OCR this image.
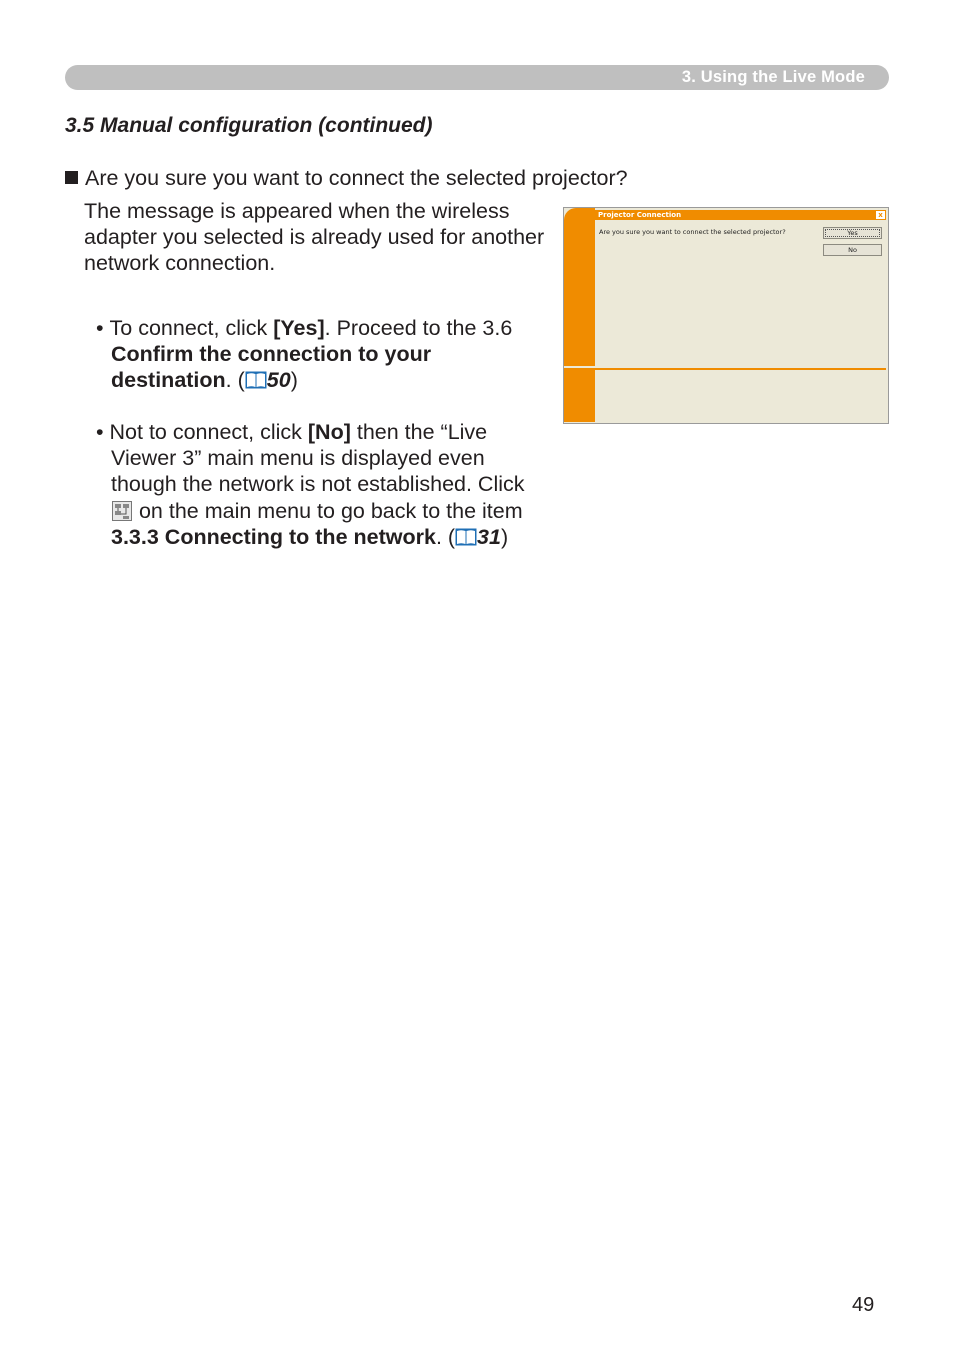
3. Using the Live Mode
3.5 Manual configuration (continued)
Are you sure you want to connect the selected projector?
The message is appeared when the wireless adapter you selected is already used for another network connection.
• To connect, click [Yes]. Proceed to the 3.6 Confirm the connection to your destination. ( 50)
• Not to connect, click [No] then the “Live Viewer 3” main menu is displayed even though the network is not established. Click  on the main menu to go back to the item 3.3.3 Connecting to the network. ( 31)
Projector Connection	x
Are you sure you want to connect the selected projector?	Yes
No
49
